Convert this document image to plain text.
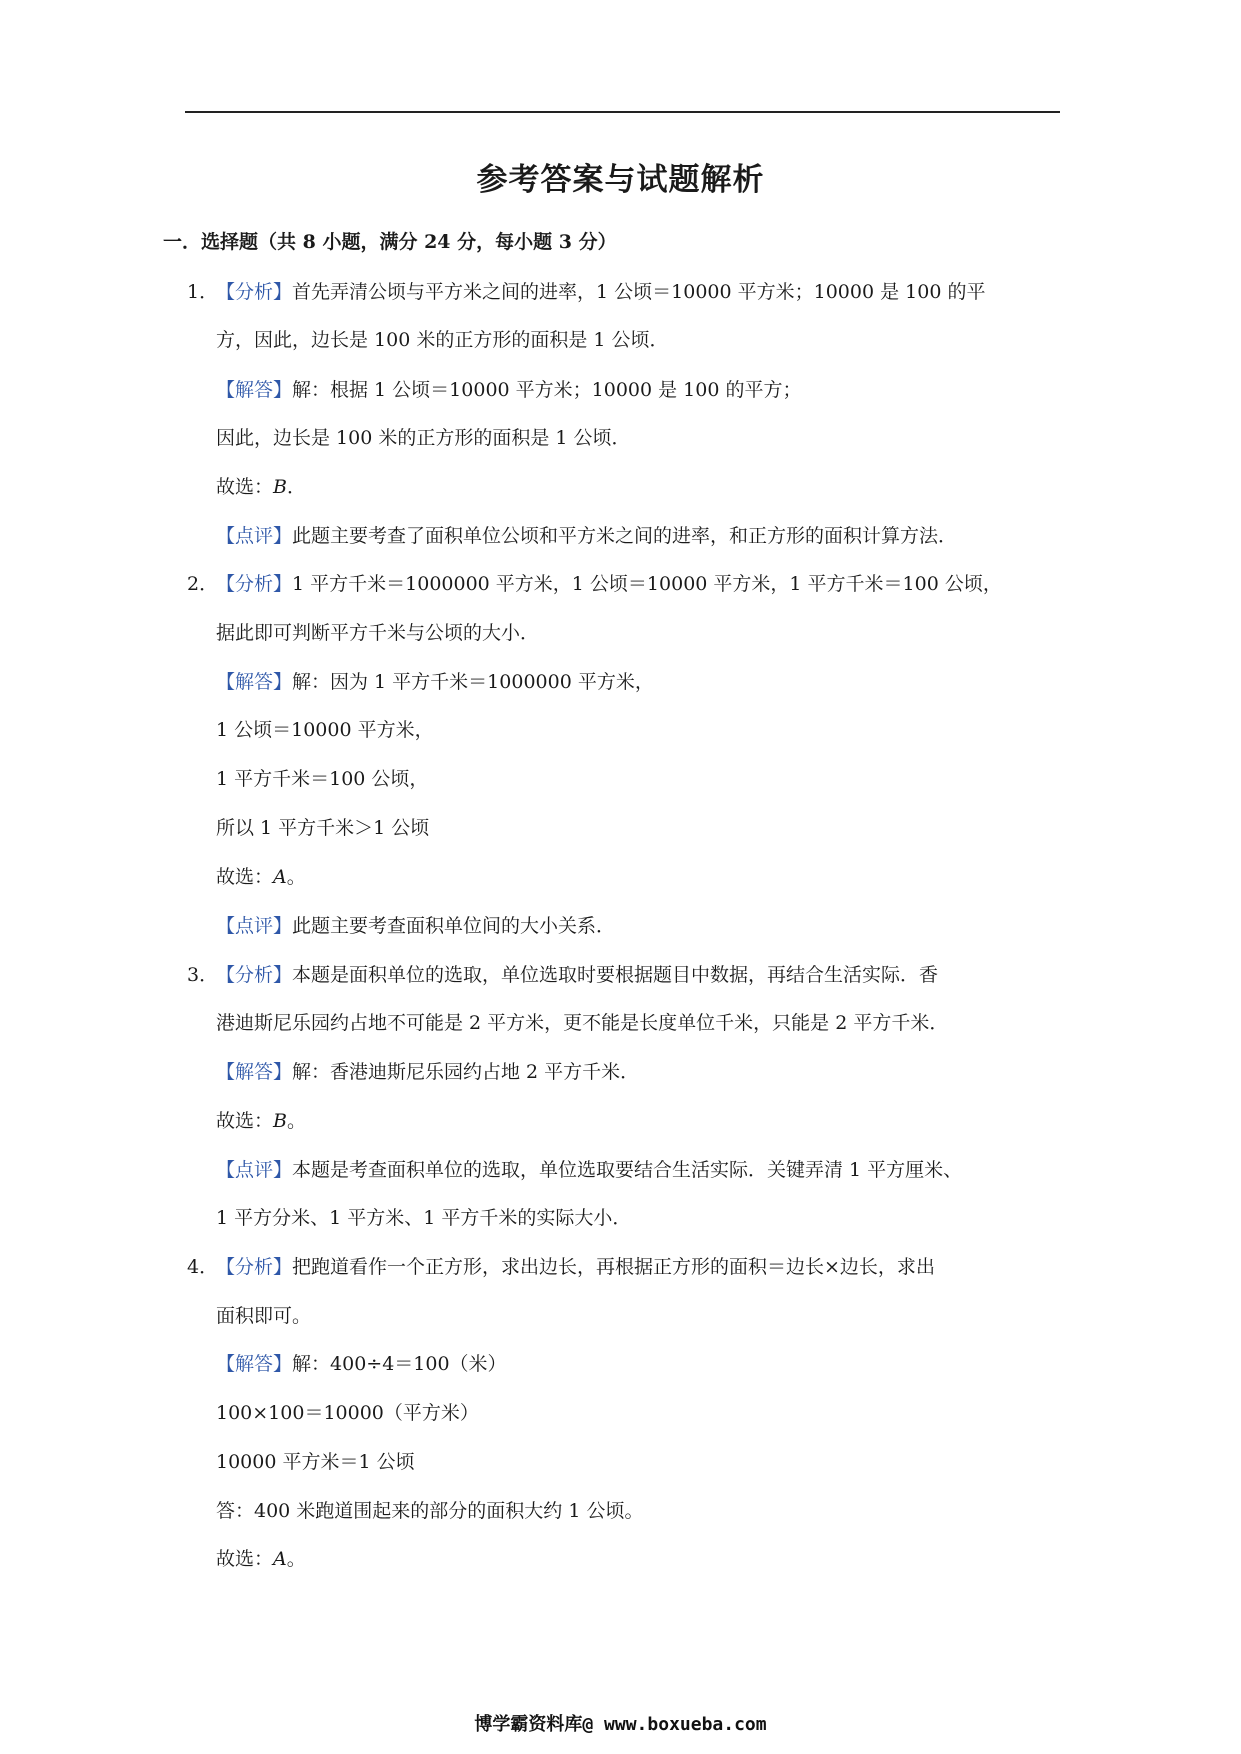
参考答案与试题解析
一．选择题（共 8 小题，满分 24 分，每小题 3 分）
1．
【分析】首先弄清公顷与平方米之间的进率，1 公顷＝10000 平方米；10000 是 100 的平
方，因此，边长是 100 米的正方形的面积是 1 公顷．
【解答】解：根据 1 公顷＝10000 平方米；10000 是 100 的平方；
因此，边长是 100 米的正方形的面积是 1 公顷．
故选：B．
【点评】此题主要考查了面积单位公顷和平方米之间的进率，和正方形的面积计算方法．
2．
【分析】1 平方千米＝1000000 平方米，1 公顷＝10000 平方米，1 平方千米＝100 公顷，
据此即可判断平方千米与公顷的大小．
【解答】解：因为 1 平方千米＝1000000 平方米，
1 公顷＝10000 平方米，
1 平方千米＝100 公顷，
所以 1 平方千米＞1 公顷
故选：A。
【点评】此题主要考查面积单位间的大小关系．
3．
【分析】本题是面积单位的选取，单位选取时要根据题目中数据，再结合生活实际．香
港迪斯尼乐园约占地不可能是 2 平方米，更不能是长度单位千米，只能是 2 平方千米．
【解答】解：香港迪斯尼乐园约占地 2 平方千米．
故选：B。
【点评】本题是考查面积单位的选取，单位选取要结合生活实际．关键弄清 1 平方厘米、
1 平方分米、1 平方米、1 平方千米的实际大小．
4．
【分析】把跑道看作一个正方形，求出边长，再根据正方形的面积＝边长×边长，求出
面积即可。
【解答】解：400÷4＝100（米）
100×100＝10000（平方米）
10000 平方米＝1 公顷
答：400 米跑道围起来的部分的面积大约 1 公顷。
故选：A。
博学霸资料库@ www.boxueba.com
